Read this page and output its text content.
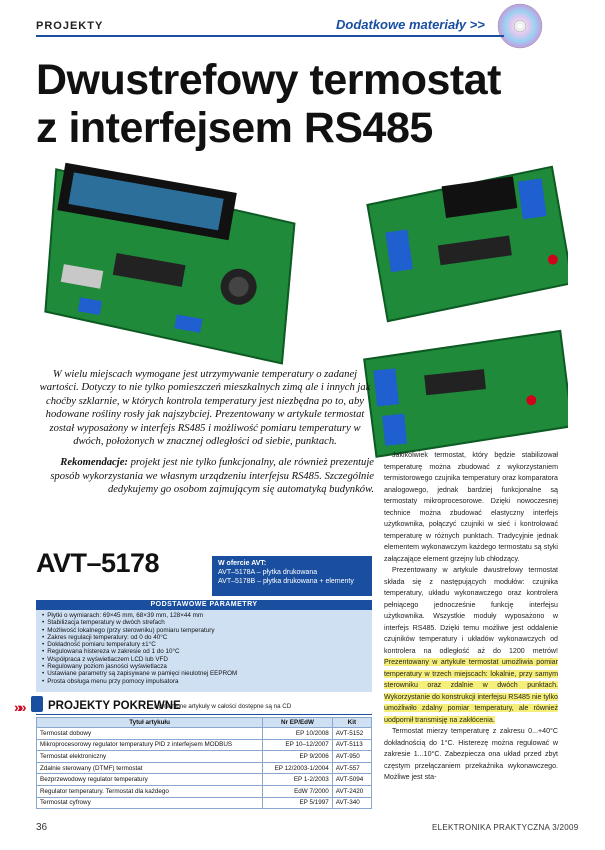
PROJEKTY	Dodatkowe materiały >>
Dwustrefowy termostat
z interfejsem RS485

W wielu miejscach wymogane jest utrzymywanie temperatury o zadanej wartości. Dotyczy to nie tylko pomieszczeń mieszkalnych zimą ale i innych jak choćby szklarnie, w których kontrola temperatury jest niezbędna po to, aby hodowane rośliny rosły jak najszybciej. Prezentowany w artykule termostat został wyposażony w interfejs RS485 i możliwość pomiaru temperatury w dwóch, położonych w znacznej odległości od siebie, punktach.

Rekomendacje: projekt jest nie tylko funkcjonalny, ale również prezentuje sposób wykorzystania we własnym urządzeniu interfejsu RS485. Szczególnie dedykujemy go osobom zajmującym się automatyką budynków.

AVT–5178	W ofercie AVT:
AVT–5178A – płytka drukowana
AVT–5178B – płytka drukowana + elementy
PODSTAWOWE PARAMETRY
• Płytki o wymiarach: 69×45 mm, 68×39 mm, 128×44 mm
• Stabilizacja temperatury w dwóch strefach
• Możliwość lokalnego (przy sterowniku) pomiaru temperatury
• Zakres regulacji temperatury: od 0 do 40°C
• Dokładność pomiaru temperatury ±1°C
• Regulowana histereza w zakresie od 1 do 10°C
• Współpraca z wyświetlaczem LCD lub VFD
• Regulowany poziom jasności wyświetlacza
• Ustawiane parametry są zapisywane w pamięci nieulotnej EEPROM
• Prosta obsługa menu przy pomocy impulsatora
»» PROJEKTY POKREWNE
wymienione artykuły w całości dostępne są na CD
Tytuł artykułu	Nr EP/EdW	Kit
Termostat dobowy	EP 10/2008	AVT-5152
Mikroprocesorowy regulator temperatury PID z interfejsem MODBUS	EP 10–12/2007	AVT-5113
Termostat elektroniczny	EP 9/2006	AVT-950
Zdalnie sterowany (DTMF) termostat	EP 12/2003-1/2004	AVT-557
Bezprzewodowy regulator temperatury	EP 1-2/2003	AVT-5094
Regulator temperatury. Termostat dla każdego	EdW 7/2000	AVT-2420
Termostat cyfrowy	EP 5/1997	AVT-340

Jakikolwiek termostat, który będzie stabilizował temperaturę można zbudować z wykorzystaniem termistorowego czujnika temperatury oraz komparatora analogowego, jednak bardziej funkcjonalne są termostaty mikroprocesorowe. Dzięki nowoczesnej technice można zbudować elastyczny interfejs użytkownika, połączyć czujniki w sieć i kontrolować temperaturę w różnych punktach. Tradycyjnie jednak elementem wykonawczym każdego termostatu są styki załączające element grzejny lub chłodzący.

Prezentowany w artykule dwustrefowy termostat składa się z następujących modułów: czujnika temperatury, układu wykonawczego oraz kontrolera pełniącego jednocześnie funkcję interfejsu użytkownika. Wszystkie moduły wyposażono w interfejs RS485. Dzięki temu możliwe jest oddalenie czujników temperatury i układów wykonawczych od kontrolera na odległość aż do 1200 metrów! Prezentowany w artykule termostat umożliwia pomiar temperatury w trzech miejscach: lokalnie, przy samym sterowniku oraz zdalnie w dwóch punktach. Wykorzystanie do konstrukcji interfejsu RS485 nie tylko umożliwiło zdalny pomiar temperatury, ale również uodpornił transmisję na zakłócenia.

Termostat mierzy temperaturę z zakresu 0...+40°C dokładnością do 1°C. Histerezę można regulować w zakresie 1...10°C. Zabezpiecza ona układ przed zbyt częstym przełączaniem przekaźnika wykonawczego. Możliwe jest sta-

36	ELEKTRONIKA PRAKTYCZNA 3/2009
